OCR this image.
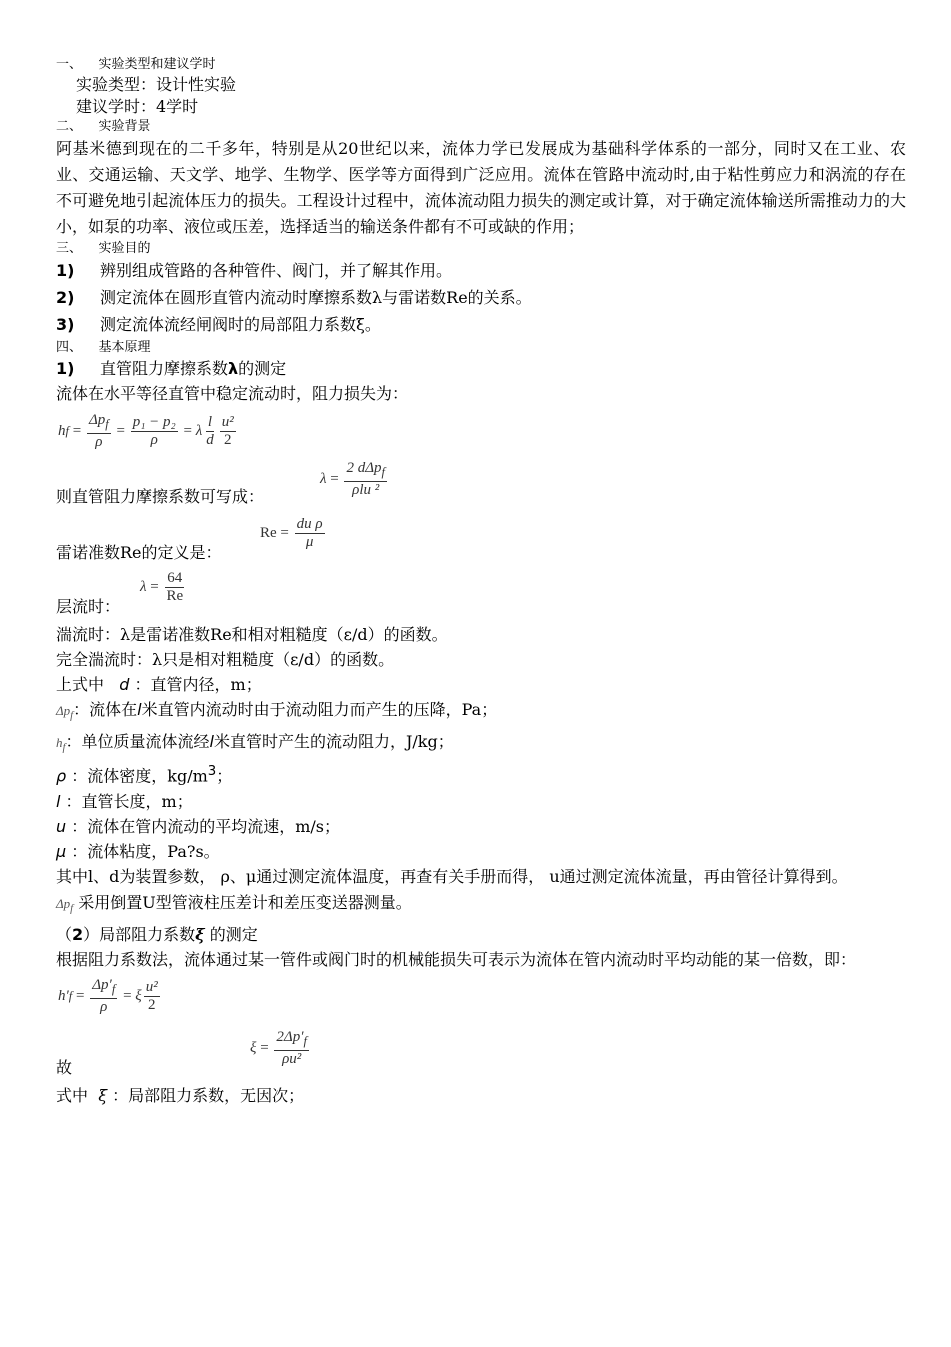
一、    实验类型和建议学时
实验类型：设计性实验
建议学时：4学时
二、    实验背景
阿基米德到现在的二千多年，特别是从20世纪以来，流体力学已发展成为基础科学体系的一部分，同时又在工业、农业、交通运输、天文学、地学、生物学、医学等方面得到广泛应用。流体在管路中流动时,由于粘性剪应力和涡流的存在不可避免地引起流体压力的损失。工程设计过程中，流体流动阻力损失的测定或计算，对于确定流体输送所需推动力的大小，如泵的功率、液位或压差，选择适当的输送条件都有不可或缺的作用；
三、    实验目的
1) 辨别组成管路的各种管件、阀门，并了解其作用。
2) 测定流体在圆形直管内流动时摩擦系数λ与雷诺数Re的关系。
3) 测定流体流经闸阀时的局部阻力系数ξ。
四、    基本原理
1) 直管阻力摩擦系数λ的测定
流体在水平等径直管中稳定流动时，阻力损失为：
h $f = \frac{\Delta p_f}{\rho} = \frac{\text{p₁ − p₂}}{\rho} = \lambda \frac{l}{d} \frac{\text{u²}}{2}$
则直管阻力摩擦系数可写成：
$\lambda = \frac{2 d\Delta p_f}{\text{ρlu ²}}$
雷诺准数Re的定义是：
$Re = \frac{\text{du ρ}}{\mu}$
层流时：
$\lambda = \frac{64}{Re}$
湍流时：λ是雷诺准数Re和相对粗糙度（ε/d）的函数。
完全湍流时：λ只是相对粗糙度（ε/d）的函数。
上式中 d ：直管内径，m；
$\Delta p_f$：流体在l米直管内流动时由于流动阻力而产生的压降，Pa；
$h_f$：单位质量流体流经l米直管时产生的流动阻力，J/kg；
ρ ：流体密度，$kg/m^3$；
l ：直管长度，m；
u ：流体在管内流动的平均流速，m/s；
μ ：流体粘度，Pa?s。
其中l、d为装置参数， ρ、μ通过测定流体温度，再查有关手册而得， u通过测定流体流量，再由管径计算得到。
$\Delta p_f$ 采用倒置U型管液柱压差计和差压变送器测量。
（2）局部阻力系数ξ 的测定
根据阻力系数法，流体通过某一管件或阀门时的机械能损失可表示为流体在管内流动时平均动能的某一倍数，即：
h′ $f = \frac{\Delta p'_f}{\rho} = \xi \frac{\text{u²}}{2}$
故
$\xi = \frac{2\Delta p'_f}{\text{ρu²}}$
式中 ξ ：局部阻力系数，无因次；
